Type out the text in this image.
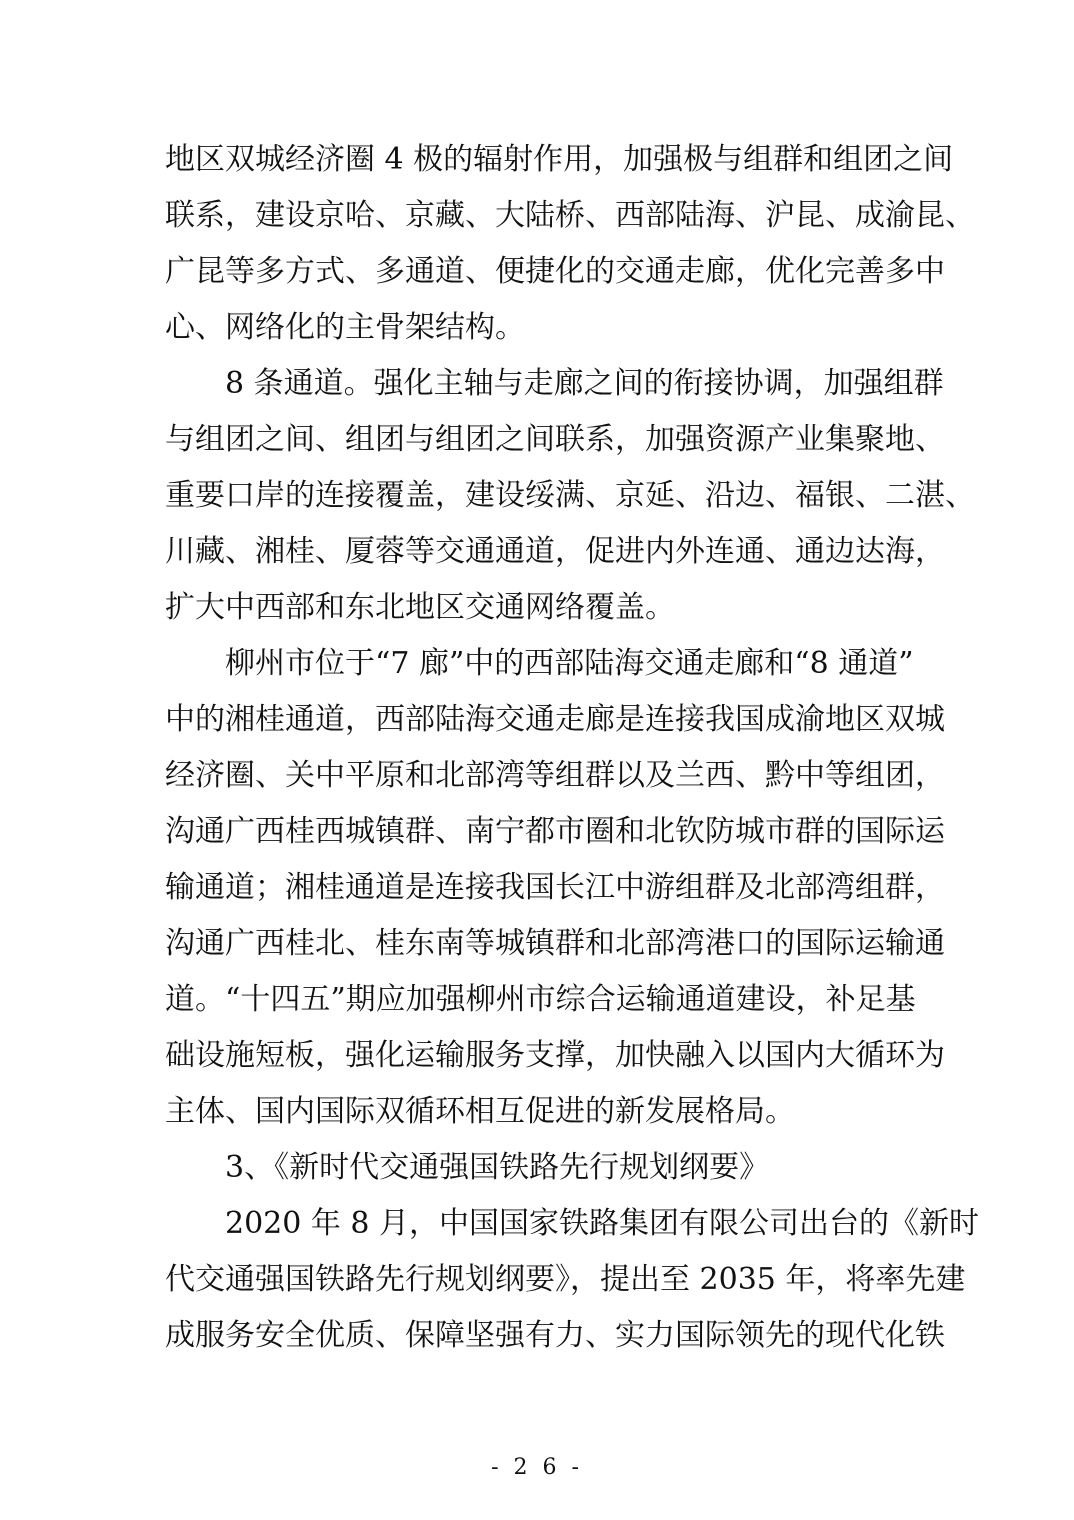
地区双城经济圈 4 极的辐射作用，加强极与组群和组团之间
联系，建设京哈、京藏、大陆桥、西部陆海、沪昆、成渝昆、
广昆等多方式、多通道、便捷化的交通走廊，优化完善多中
心、网络化的主骨架结构。
8 条通道。强化主轴与走廊之间的衔接协调，加强组群
与组团之间、组团与组团之间联系，加强资源产业集聚地、
重要口岸的连接覆盖，建设绥满、京延、沿边、福银、二湛、
川藏、湘桂、厦蓉等交通通道，促进内外连通、通边达海，
扩大中西部和东北地区交通网络覆盖。
柳州市位于“7 廊”中的西部陆海交通走廊和“8 通道”
中的湘桂通道，西部陆海交通走廊是连接我国成渝地区双城
经济圈、关中平原和北部湾等组群以及兰西、黔中等组团，
沟通广西桂西城镇群、南宁都市圈和北钦防城市群的国际运
输通道；湘桂通道是连接我国长江中游组群及北部湾组群，
沟通广西桂北、桂东南等城镇群和北部湾港口的国际运输通
道。“十四五”期应加强柳州市综合运输通道建设，补足基
础设施短板，强化运输服务支撑，加快融入以国内大循环为
主体、国内国际双循环相互促进的新发展格局。
3、《新时代交通强国铁路先行规划纲要》
2020 年 8 月，中国国家铁路集团有限公司出台的《新时
代交通强国铁路先行规划纲要》，提出至 2035 年，将率先建
成服务安全优质、保障坚强有力、实力国际领先的现代化铁
- 2 6 -
